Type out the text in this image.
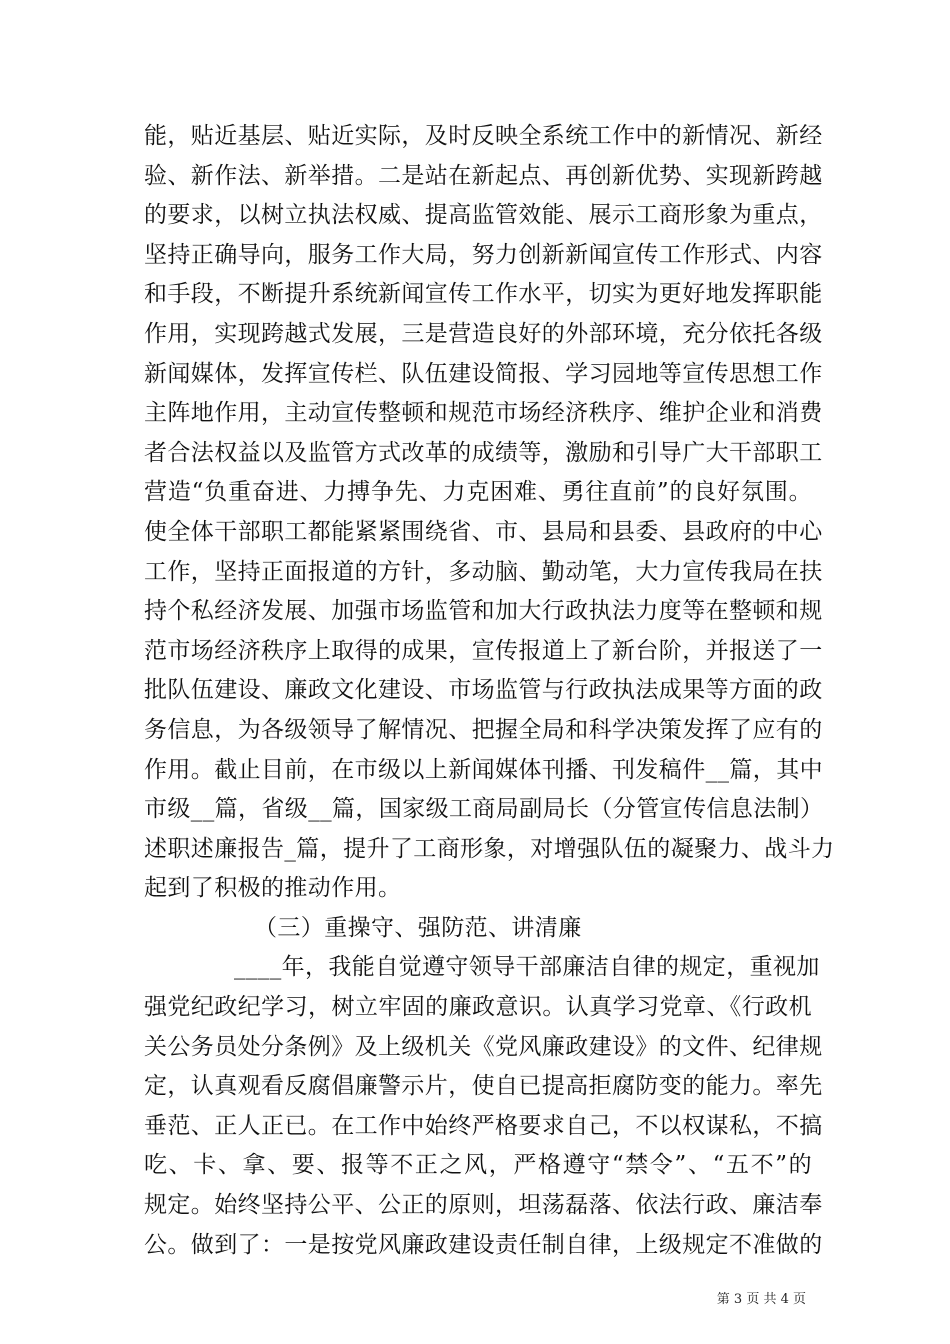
能，贴近基层、贴近实际，及时反映全系统工作中的新情况、新经
验、新作法、新举措。二是站在新起点、再创新优势、实现新跨越
的要求，以树立执法权威、提高监管效能、展示工商形象为重点，
坚持正确导向，服务工作大局，努力创新新闻宣传工作形式、内容
和手段，不断提升系统新闻宣传工作水平，切实为更好地发挥职能
作用，实现跨越式发展，三是营造良好的外部环境，充分依托各级
新闻媒体，发挥宣传栏、队伍建设简报、学习园地等宣传思想工作
主阵地作用，主动宣传整顿和规范市场经济秩序、维护企业和消费
者合法权益以及监管方式改革的成绩等，激励和引导广大干部职工
营造“负重奋进、力搏争先、力克困难、勇往直前”的良好氛围。
使全体干部职工都能紧紧围绕省、市、县局和县委、县政府的中心
工作，坚持正面报道的方针，多动脑、勤动笔，大力宣传我局在扶
持个私经济发展、加强市场监管和加大行政执法力度等在整顿和规
范市场经济秩序上取得的成果，宣传报道上了新台阶，并报送了一
批队伍建设、廉政文化建设、市场监管与行政执法成果等方面的政
务信息，为各级领导了解情况、把握全局和科学决策发挥了应有的
作用。截止目前，在市级以上新闻媒体刊播、刊发稿件__篇，其中
市级__篇，省级__篇，国家级工商局副局长（分管宣传信息法制）
述职述廉报告_篇，提升了工商形象，对增强队伍的凝聚力、战斗力
起到了积极的推动作用。
（三）重操守、强防范、讲清廉
____年，我能自觉遵守领导干部廉洁自律的规定，重视加
强党纪政纪学习，树立牢固的廉政意识。认真学习党章、《行政机
关公务员处分条例》及上级机关《党风廉政建设》的文件、纪律规
定，认真观看反腐倡廉警示片，使自已提高拒腐防变的能力。率先
垂范、正人正已。在工作中始终严格要求自己，不以权谋私，不搞
吃、卡、拿、要、报等不正之风，严格遵守“禁令”、“五不”的
规定。始终坚持公平、公正的原则，坦荡磊落、依法行政、廉洁奉
公。做到了：一是按党风廉政建设责任制自律，上级规定不准做的
第 3 页 共 4 页
